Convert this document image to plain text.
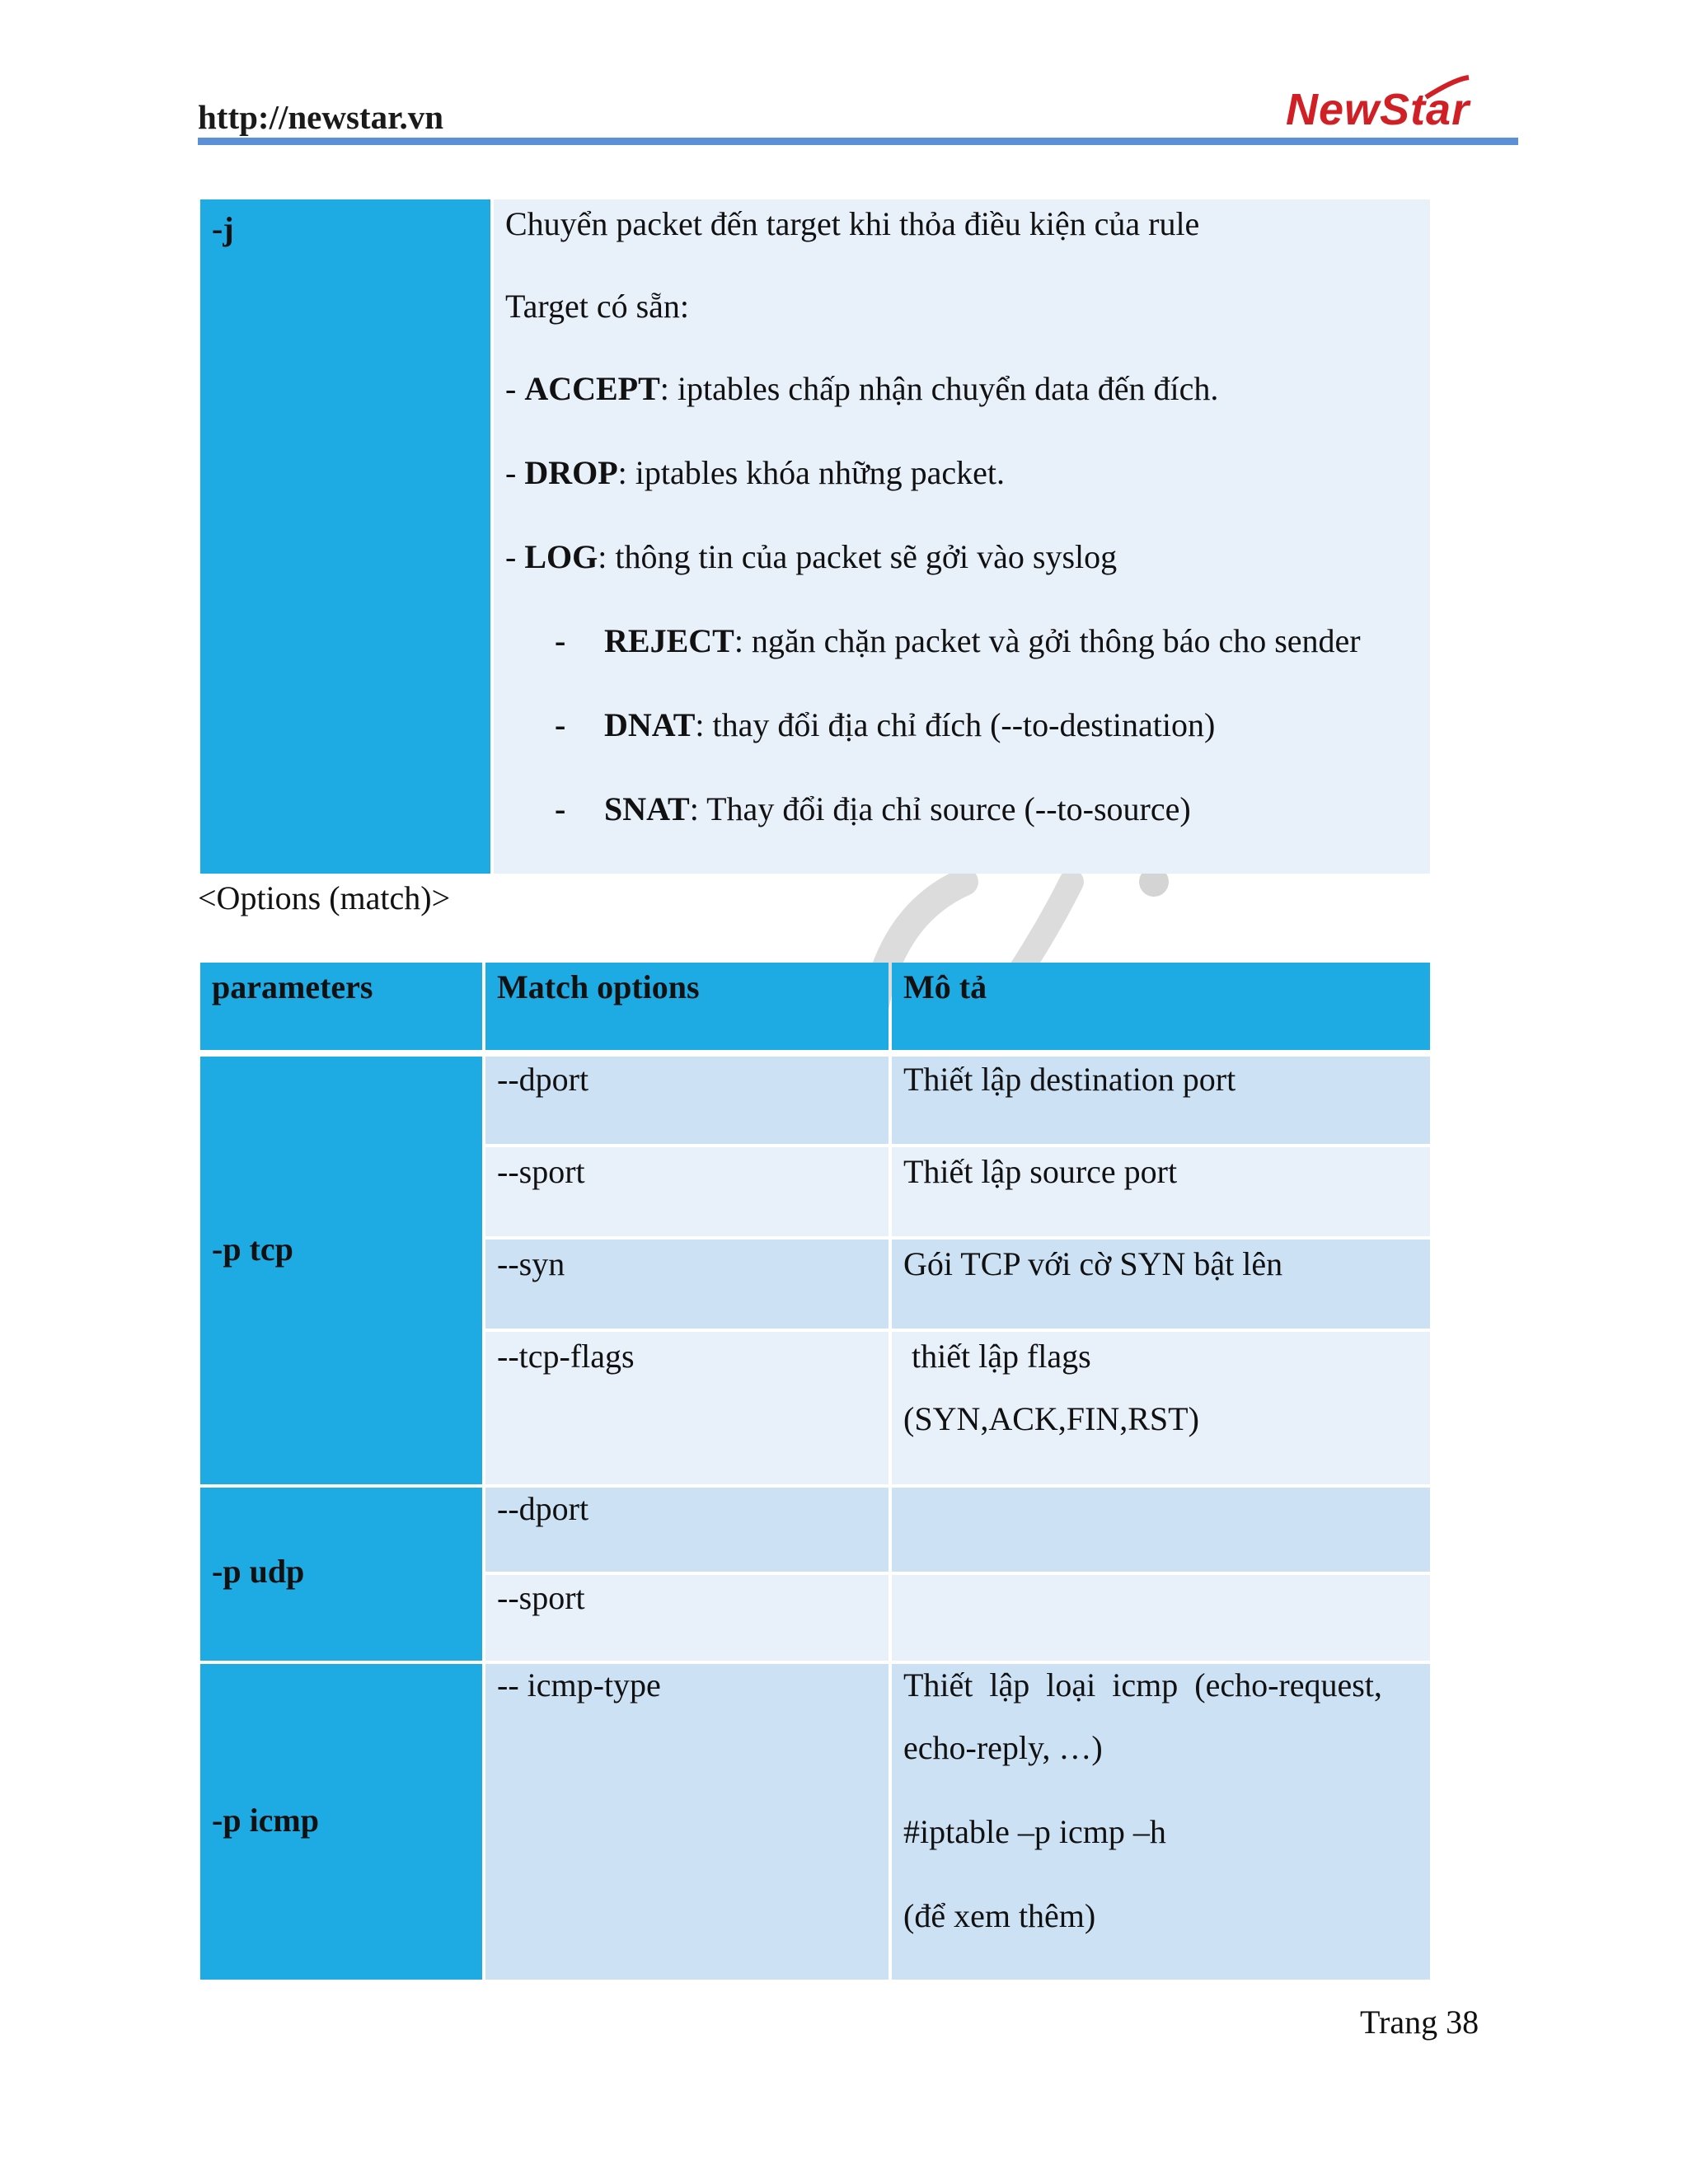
http://newstar.vn	NewStar
-j	Chuyển packet đến target khi thỏa điều kiện của rule
Target có sẵn:
- ACCEPT: iptables chấp nhận chuyển data đến đích.
- DROP: iptables khóa những packet.
- LOG: thông tin của packet sẽ gởi vào syslog
- REJECT: ngăn chặn packet và gởi thông báo cho sender
- DNAT: thay đổi địa chỉ đích (--to-destination)
- SNAT: Thay đổi địa chỉ source (--to-source)
<Options (match)>
parameters	Match options	Mô tả
-p tcp
--dport	Thiết lập destination port
--sport	Thiết lập source port
--syn	Gói TCP với cờ SYN bật lên
--tcp-flags	thiết lập flags
(SYN,ACK,FIN,RST)
-p udp
--dport
--sport
-p icmp
-- icmp-type	Thiết  lập  loại  icmp  (echo-request,
echo-reply, …)
#iptable –p icmp –h
(để xem thêm)
Trang 38
